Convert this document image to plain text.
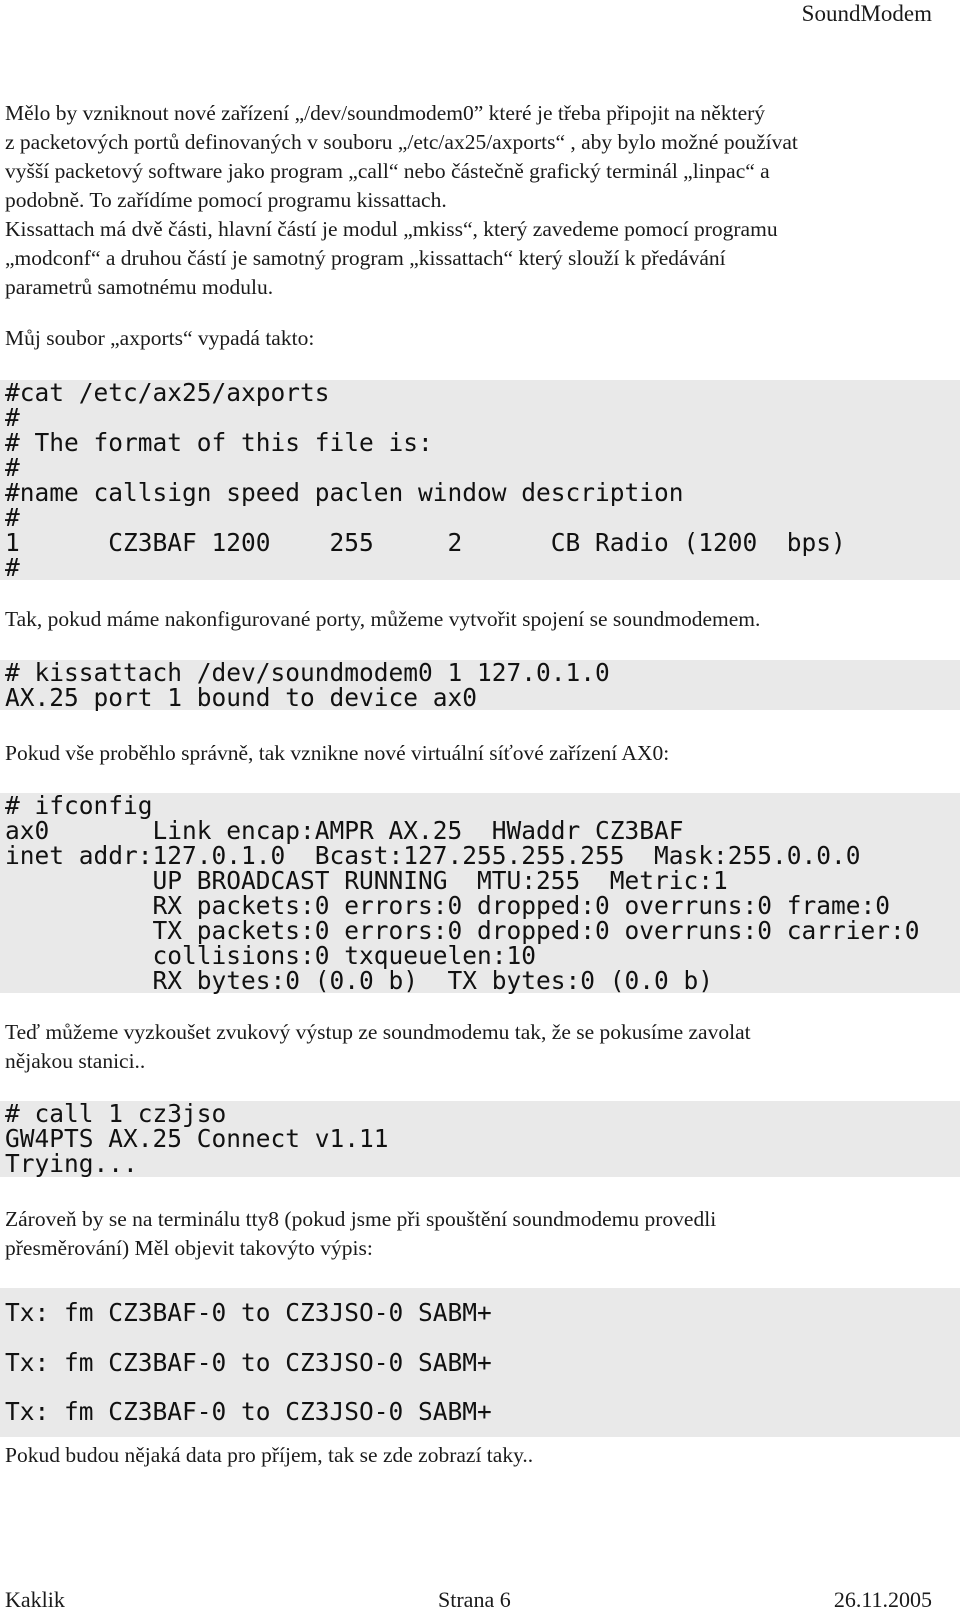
SoundModem
Mělo by vzniknout nové zařízení „/dev/soundmodem0” které je třeba připojit na některý
z packetových portů definovaných v souboru „/etc/ax25/axports“ , aby bylo možné používat
vyšší packetový software jako program „call“ nebo částečně grafický terminál „linpac“ a
podobně. To zařídíme pomocí programu kissattach.
Kissattach má dvě části, hlavní částí je modul „mkiss“, který zavedeme pomocí programu
„modconf“ a druhou částí je samotný program „kissattach“ který slouží k předávání
parametrů samotnému modulu.
Můj soubor „axports“ vypadá takto:
#cat /etc/ax25/axports
#
# The format of this file is:
#
#name callsign speed paclen window description
#
1      CZ3BAF 1200    255     2      CB Radio (1200  bps)
#
Tak, pokud máme nakonfigurované porty, můžeme vytvořit spojení se soundmodemem.
# kissattach /dev/soundmodem0 1 127.0.1.0
AX.25 port 1 bound to device ax0
Pokud vše proběhlo správně, tak vznikne nové virtuální síťové zařízení AX0:
# ifconfig
ax0       Link encap:AMPR AX.25  HWaddr CZ3BAF
inet addr:127.0.1.0  Bcast:127.255.255.255  Mask:255.0.0.0
UP BROADCAST RUNNING  MTU:255  Metric:1
RX packets:0 errors:0 dropped:0 overruns:0 frame:0
TX packets:0 errors:0 dropped:0 overruns:0 carrier:0
collisions:0 txqueuelen:10
RX bytes:0 (0.0 b)  TX bytes:0 (0.0 b)
Teď můžeme vyzkoušet zvukový výstup ze soundmodemu tak, že se pokusíme zavolat
nějakou stanici..
# call 1 cz3jso
GW4PTS AX.25 Connect v1.11
Trying...
Zároveň by se na terminálu tty8 (pokud jsme při spouštění soundmodemu provedli
přesměrování) Měl objevit takovýto výpis:
Tx: fm CZ3BAF-0 to CZ3JSO-0 SABM+
Tx: fm CZ3BAF-0 to CZ3JSO-0 SABM+
Tx: fm CZ3BAF-0 to CZ3JSO-0 SABM+
Pokud budou nějaká data pro příjem, tak se zde zobrazí taky..
Kaklik	Strana 6	26.11.2005
